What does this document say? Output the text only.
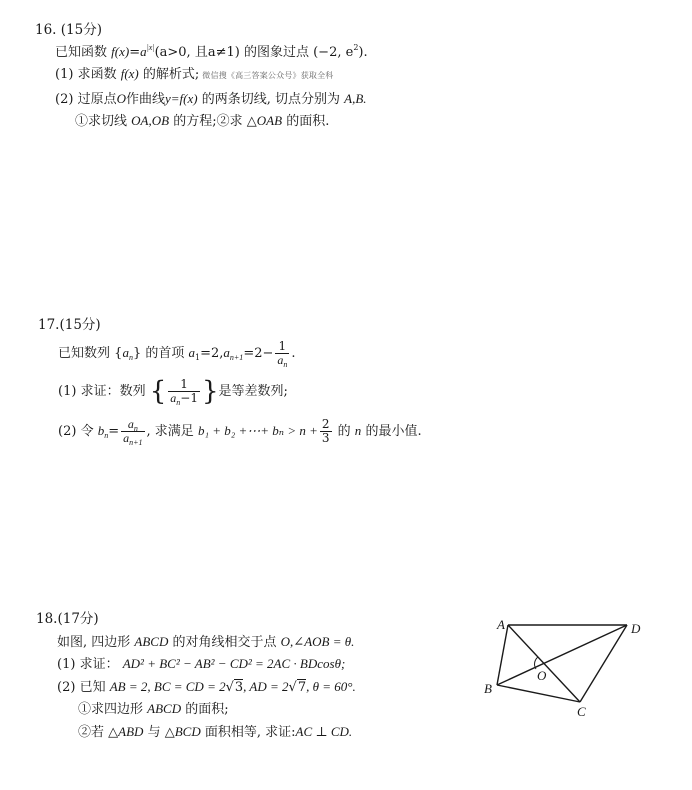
16. (15分)
已知函数 $f(x)=a^{|x|}(a>0$, 且a≠1) 的图象过点 (−2, $e^2$).
(1) 求函数 f(x) 的解析式; 微信搜《高三答案公众号》获取全科
(2) 过原点O作曲线y=f(x) 的两条切线, 切点分别为 A,B.
①求切线 OA,OB 的方程;②求 △OAB 的面积.
17.(15分)
已知数列 $\{a_n\}$ 的首项 $a_1=2,a_{n+1}=2- \frac{1}{a_n}$ .
(1) 求证：数列 { $\frac{1}{a_n-1}$ }是等差数列;
(2) 令 $b_n= \frac{a_n}{a_{n+1}}$ , 求满足 b₁ + b₂ +⋯+ $b_n > n + \frac{2}{3}$ 的 n 的最小值.
18.(17分)
如图, 四边形 ABCD 的对角线相交于点 O,∠AOB = θ.
(1) 求证： AD² + BC² − AB² − CD² = 2AC · BDcosθ;
(2) 已知 AB = 2, BC = CD = 2√3, AD = 2√7, θ = 60°.
①求四边形 ABCD 的面积;
②若 △ABD 与 △BCD 面积相等, 求证:AC ⊥ CD.
A	D
B
C
O
